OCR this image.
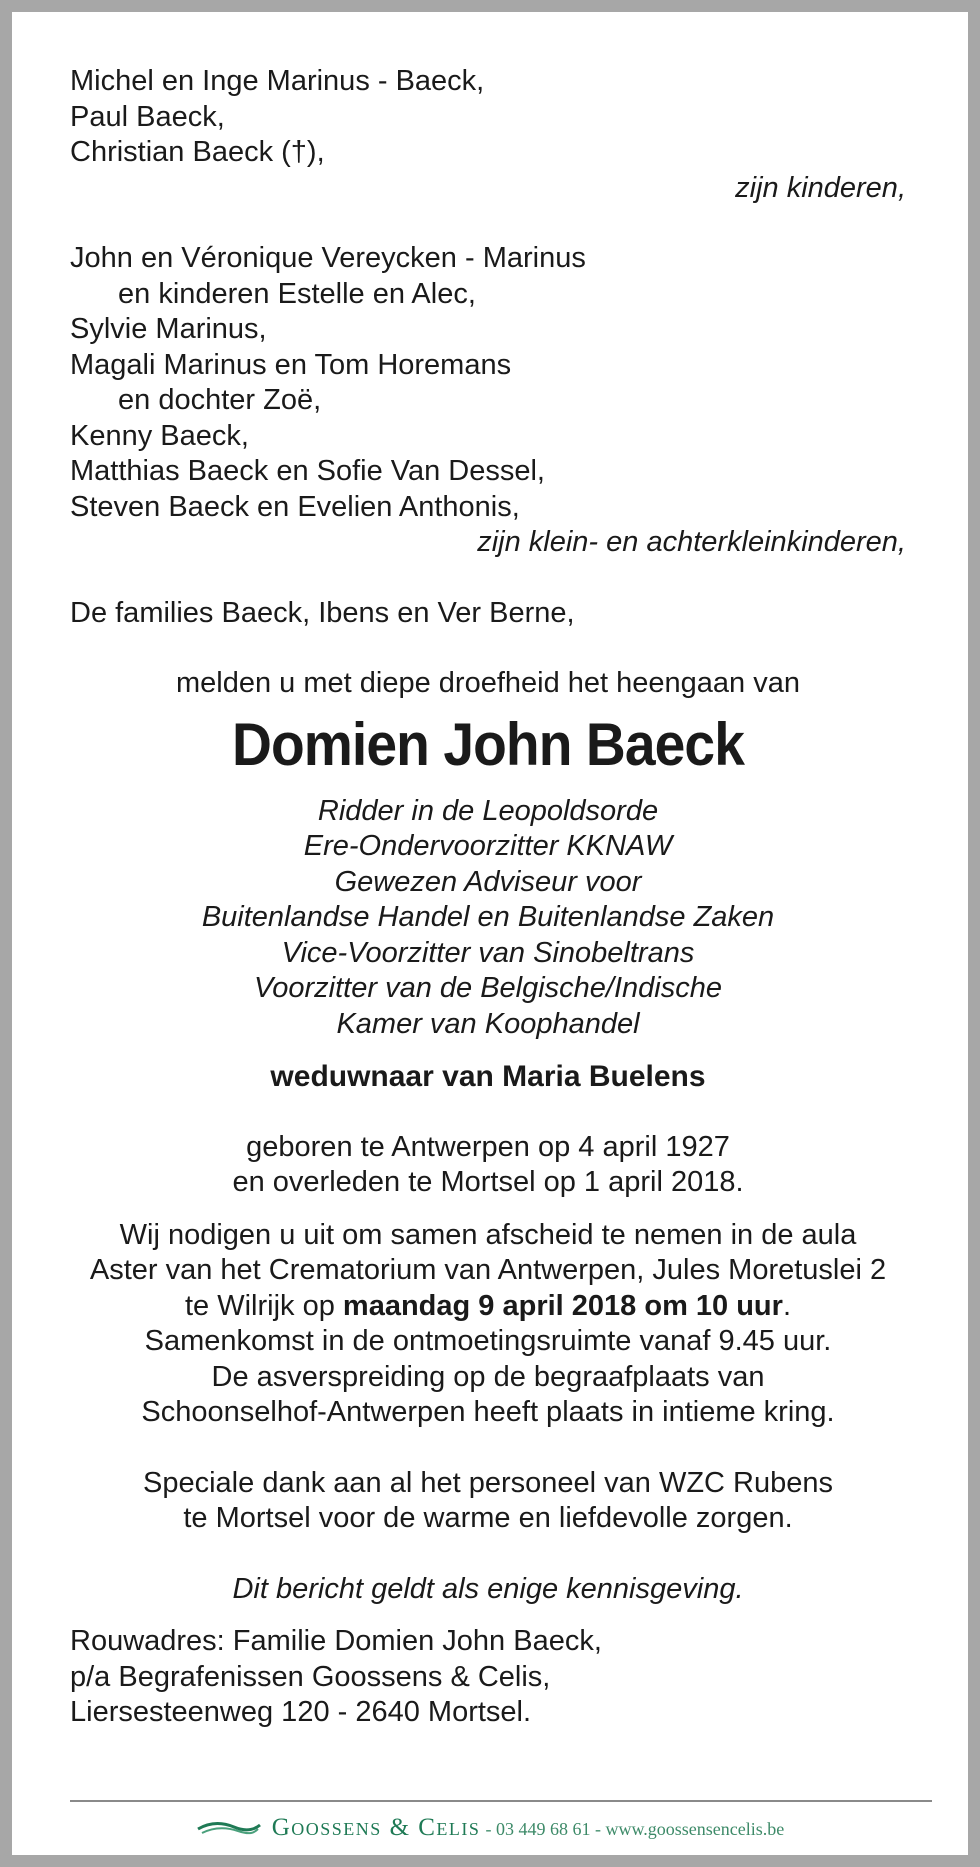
Michel en Inge Marinus - Baeck,
Paul Baeck,
Christian Baeck (†),
zijn kinderen,
John en Véronique Vereycken - Marinus
en kinderen Estelle en Alec,
Sylvie Marinus,
Magali Marinus en Tom Horemans
en dochter Zoë,
Kenny Baeck,
Matthias Baeck en Sofie Van Dessel,
Steven Baeck en Evelien Anthonis,
zijn klein- en achterkleinkinderen,
De families Baeck, Ibens en Ver Berne,
melden u met diepe droefheid het heengaan van
Domien John Baeck
Ridder in de Leopoldsorde
Ere-Ondervoorzitter KKNAW
Gewezen Adviseur voor
Buitenlandse Handel en Buitenlandse Zaken
Vice-Voorzitter van Sinobeltrans
Voorzitter van de Belgische/Indische
Kamer van Koophandel
weduwnaar van Maria Buelens
geboren te Antwerpen op 4 april 1927
en overleden te Mortsel op 1 april 2018.
Wij nodigen u uit om samen afscheid te nemen in de aula
Aster van het Crematorium van Antwerpen, Jules Moretuslei 2
te Wilrijk op maandag 9 april 2018 om 10 uur.
Samenkomst in de ontmoetingsruimte vanaf 9.45 uur.
De asverspreiding op de begraafplaats van
Schoonselhof-Antwerpen heeft plaats in intieme kring.
Speciale dank aan al het personeel van WZC Rubens
te Mortsel voor de warme en liefdevolle zorgen.
Dit bericht geldt als enige kennisgeving.
Rouwadres: Familie Domien John Baeck,
p/a Begrafenissen Goossens & Celis,
Liersesteenweg 120 - 2640 Mortsel.
Goossens & Celis - 03 449 68 61 - www.goossensencelis.be
